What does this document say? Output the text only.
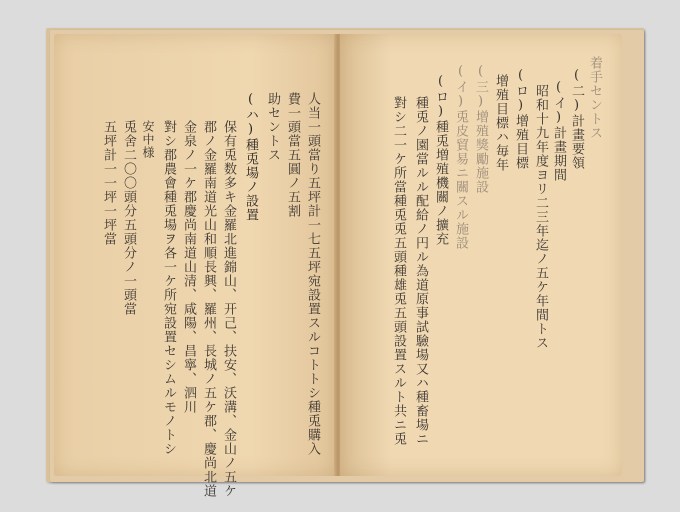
人当一頭當り五坪計一七五坪宛設置スルコトトシ種兎購入
費一頭當五圓ノ五割
助セントス
(ハ)種兎場ノ設置
保有兎数多キ金羅北進錦山、开己、扶安、沃溝、金山ノ五ケ
郡ノ金羅南道光山和順長興、羅州、長城ノ五ケ郡、慶尚北道
金泉ノ一ケ郡慶尚南道山清、咸陽、昌寧、泗川
對シ郡農會種兎場ヲ各一ケ所宛設置セシムルモノトシ
安中様
兎舍二〇〇頭分五頭分ノ一頭當
五坪計一一坪一坪當
着手セントス
(二)計畫要領
(イ)計畫期間
昭和十九年度ヨリ二三年迄ノ五ケ年間トス
(ロ)增殖目標
增殖目標ハ毎年
(三)增殖獎勵施設
(イ)兎皮貿易ニ關スル施設
(ロ)種兎増殖機關ノ擴充
種兎ノ園當ルル配給ノ円ル為道原事試驗場又ハ種畜場ニ
對シ二一ケ所當種兎兎五頭種雄兎五頭設置スルト共ニ兎
